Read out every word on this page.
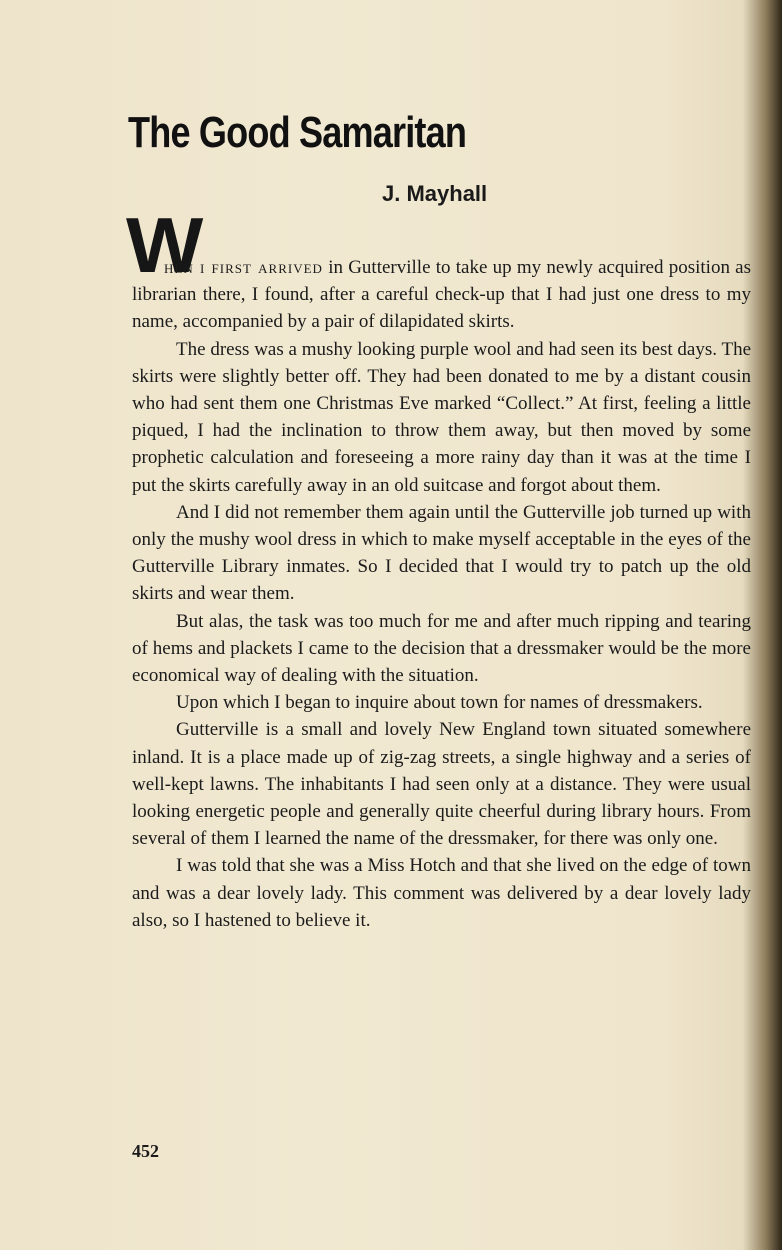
The Good Samaritan
J. Mayhall
W

hen i first arrived in Gutterville to take up my newly acquired position as librarian there, I found, after a careful check-up that I had just one dress to my name, accompanied by a pair of dilapidated skirts.

The dress was a mushy looking purple wool and had seen its best days. The skirts were slightly better off. They had been donated to me by a distant cousin who had sent them one Christmas Eve marked “Collect.” At first, feeling a little piqued, I had the inclination to throw them away, but then moved by some prophetic calculation and foreseeing a more rainy day than it was at the time I put the skirts carefully away in an old suitcase and forgot about them.

And I did not remember them again until the Gutterville job turned up with only the mushy wool dress in which to make myself acceptable in the eyes of the Gutterville Library inmates. So I decided that I would try to patch up the old skirts and wear them.

But alas, the task was too much for me and after much ripping and tearing of hems and plackets I came to the decision that a dressmaker would be the more economical way of dealing with the situation.

Upon which I began to inquire about town for names of dressmakers.

Gutterville is a small and lovely New England town situated somewhere inland. It is a place made up of zig-zag streets, a single highway and a series of well-kept lawns. The inhabitants I had seen only at a distance. They were usual looking energetic people and generally quite cheerful during library hours. From several of them I learned the name of the dressmaker, for there was only one.

I was told that she was a Miss Hotch and that she lived on the edge of town and was a dear lovely lady. This comment was delivered by a dear lovely lady also, so I hastened to believe it.

452
